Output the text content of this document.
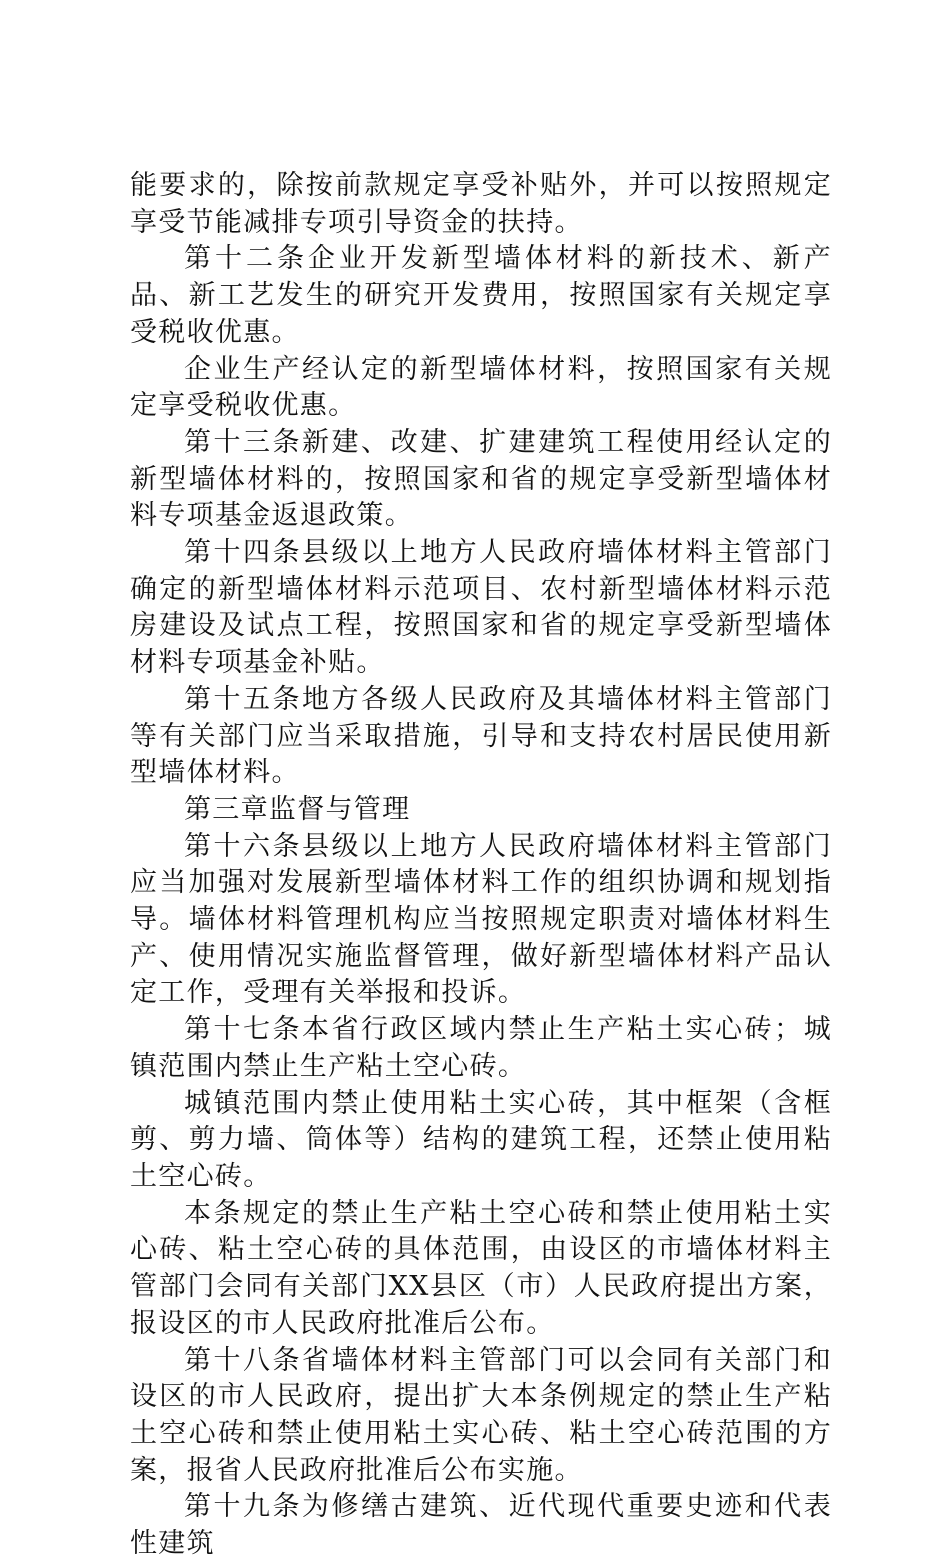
能要求的，除按前款规定享受补贴外，并可以按照规定享受节能减排专项引导资金的扶持。

第十二条企业开发新型墙体材料的新技术、新产品、新工艺发生的研究开发费用，按照国家有关规定享受税收优惠。

企业生产经认定的新型墙体材料，按照国家有关规定享受税收优惠。

第十三条新建、改建、扩建建筑工程使用经认定的新型墙体材料的，按照国家和省的规定享受新型墙体材料专项基金返退政策。

第十四条县级以上地方人民政府墙体材料主管部门确定的新型墙体材料示范项目、农村新型墙体材料示范房建设及试点工程，按照国家和省的规定享受新型墙体材料专项基金补贴。

第十五条地方各级人民政府及其墙体材料主管部门等有关部门应当采取措施，引导和支持农村居民使用新型墙体材料。

第三章监督与管理

第十六条县级以上地方人民政府墙体材料主管部门应当加强对发展新型墙体材料工作的组织协调和规划指导。墙体材料管理机构应当按照规定职责对墙体材料生产、使用情况实施监督管理，做好新型墙体材料产品认定工作，受理有关举报和投诉。

第十七条本省行政区域内禁止生产粘土实心砖；城镇范围内禁止生产粘土空心砖。

城镇范围内禁止使用粘土实心砖，其中框架（含框剪、剪力墙、筒体等）结构的建筑工程，还禁止使用粘土空心砖。

本条规定的禁止生产粘土空心砖和禁止使用粘土实心砖、粘土空心砖的具体范围，由设区的市墙体材料主管部门会同有关部门XX县区（市）人民政府提出方案，报设区的市人民政府批准后公布。

第十八条省墙体材料主管部门可以会同有关部门和设区的市人民政府，提出扩大本条例规定的禁止生产粘土空心砖和禁止使用粘土实心砖、粘土空心砖范围的方案，报省人民政府批准后公布实施。

第十九条为修缮古建筑、近代现代重要史迹和代表性建筑
